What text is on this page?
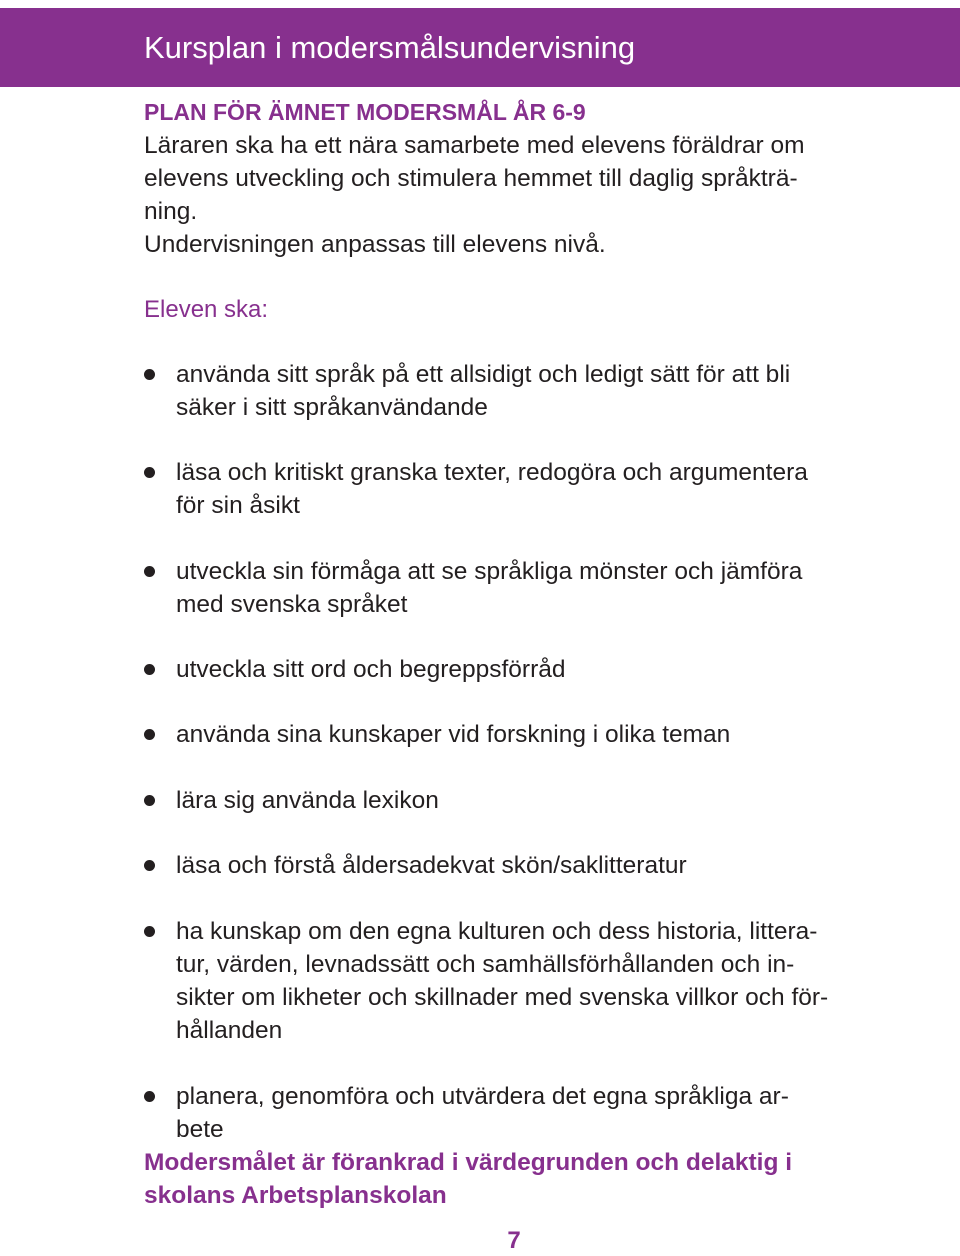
Kursplan i modersmålsundervisning

PLAN FÖR ÄMNET MODERSMÅL ÅR 6-9

Läraren ska ha ett nära samarbete med elevens föräldrar om

elevens utveckling och stimulera hemmet till daglig språkträ-

ning.

Undervisningen anpassas till elevens nivå.

Eleven ska:

använda sitt språk på ett allsidigt och ledigt sätt för att bli
säker i sitt språkanvändande
läsa och kritiskt granska texter, redogöra och argumentera
för sin åsikt
utveckla sin förmåga att se språkliga mönster och jämföra
med svenska språket
utveckla sitt ord och begreppsförråd
använda sina kunskaper vid forskning i olika teman
lära sig använda lexikon
läsa och förstå åldersadekvat skön/saklitteratur
ha kunskap om den egna kulturen och dess historia, littera-
tur, värden, levnadssätt och samhällsförhållanden och in-
sikter om likheter och skillnader med svenska villkor och för-
hållanden
planera, genomföra och utvärdera det egna språkliga ar-
bete

Modersmålet är förankrad i värdegrunden och delaktig i
skolans Arbetsplanskolan

7
